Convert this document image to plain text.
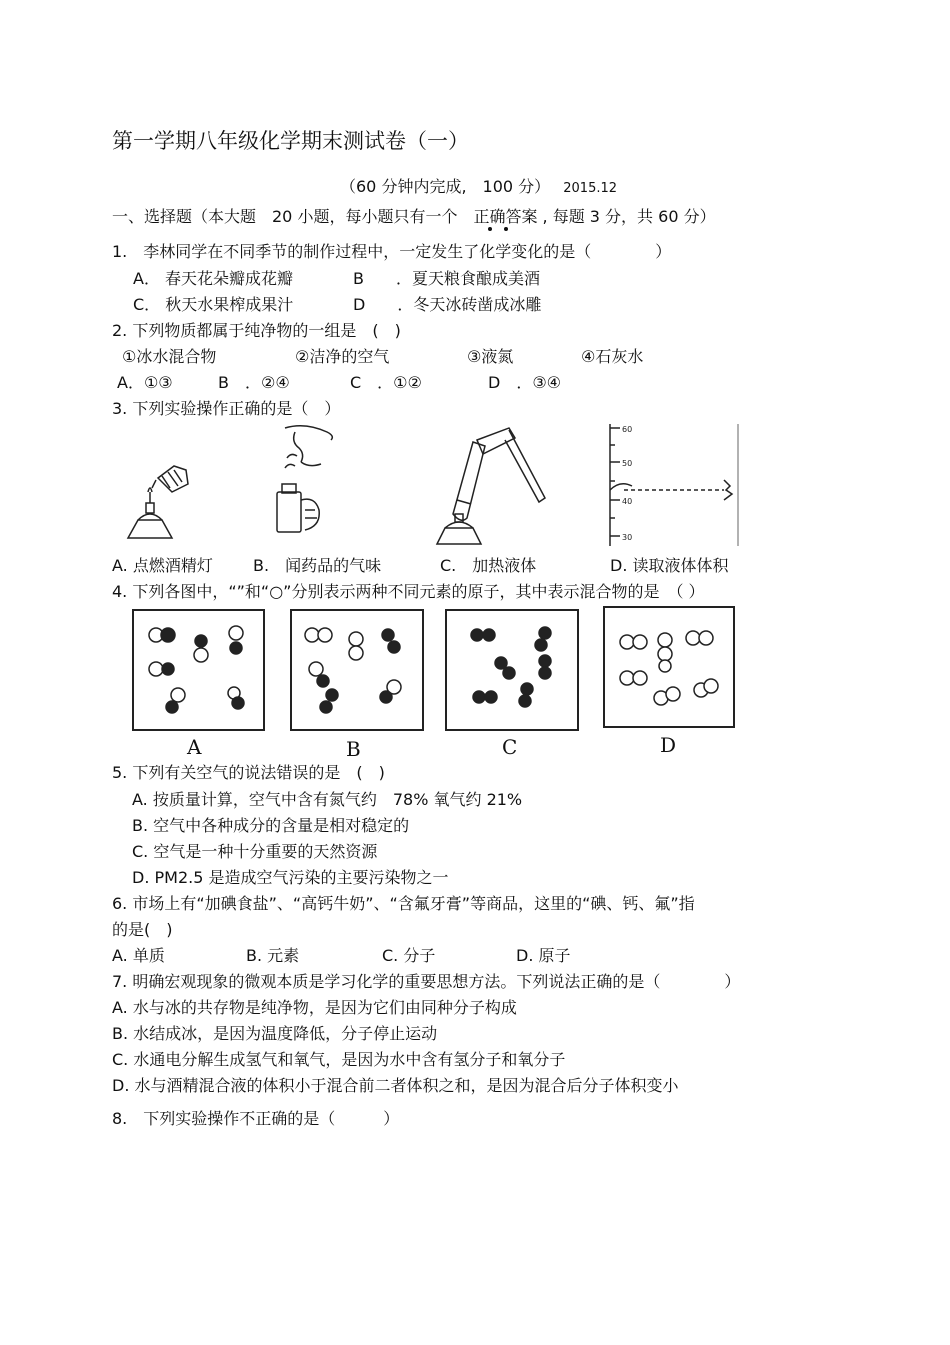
第一学期八年级化学期末测试卷（一）
（60 分钟内完成,　100 分） 2015.12
一、选择题（本大题　20 小题，每小题只有一个　正确答案 , 每题 3 分，共 60 分）
1.　李林同学在不同季节的制作过程中，一定发生了化学变化的是（　　　　）
A． 春天花朵瓣成花瓣	B　　．夏天粮食酿成美酒
C． 秋天水果榨成果汁	D　　．冬天冰砖凿成冰雕
2. 下列物质都属于纯净物的一组是　(　)
①冰水混合物	②洁净的空气	③液氮	④石灰水
A．①③	B　．②④	C　．①②	D　．③④
3. 下列实验操作正确的是（　）
60
50
40
30
A. 点燃酒精灯	B.　闻药品的气味	C.　加热液体	D. 读取液体体积
4. 下列各图中，“”和“○”分别表示两种不同元素的原子，其中表示混合物的是　（ ）
A	B	C	D
5. 下列有关空气的说法错误的是　(　)
A. 按质量计算，空气中含有氮气约　78% 氧气约 21%
B. 空气中各种成分的含量是相对稳定的
C. 空气是一种十分重要的天然资源
D. PM2.5 是造成空气污染的主要污染物之一
6. 市场上有“加碘食盐”、“高钙牛奶”、“含氟牙膏”等商品，这里的“碘、钙、氟”指
的是(　)
A. 单质	B. 元素	C. 分子	D. 原子
7. 明确宏观现象的微观本质是学习化学的重要思想方法。下列说法正确的是（　　　　）
A. 水与冰的共存物是纯净物，是因为它们由同种分子构成
B. 水结成冰，是因为温度降低，分子停止运动
C. 水通电分解生成氢气和氧气，是因为水中含有氢分子和氧分子
D. 水与酒精混合液的体积小于混合前二者体积之和，是因为混合后分子体积变小
8.　下列实验操作不正确的是（　　　）
